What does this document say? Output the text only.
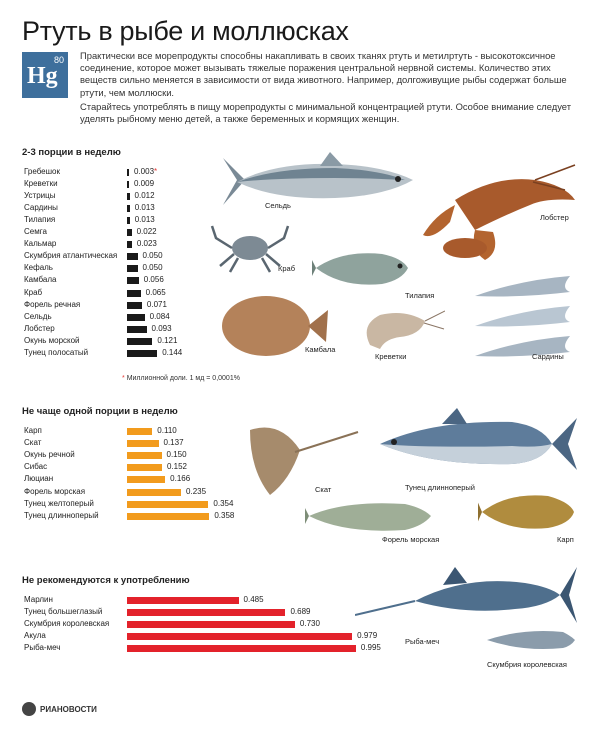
Ртуть в рыбе и моллюсках
80
Hg

Практически все морепродукты способны накапливать в своих тканях ртуть и метилртуть - высокотоксичное соединение, которое может вызывать тяжелые поражения центральной нервной системы. Количество этих веществ сильно меняется в зависимости от вида животного. Например, долгоживущие рыбы содержат больше ртути, чем моллюски.

Старайтесь употреблять в пищу морепродукты с минимальной концентрацией ртути. Особое внимание следует уделять рыбному меню детей, а также беременных и кормящих женщин.

2-3 порции в неделю
Не чаще одной порции в неделю
Не рекомендуются к употреблению
Гребешок	0.003*
Креветки	0.009
Устрицы	0.012
Сардины	0.013
Тилапия	0.013
Семга	0.022
Кальмар	0.023
Скумбрия атлантическая	0.050
Кефаль	0.050
Камбала	0.056
Краб	0.065
Форель речная	0.071
Сельдь	0.084
Лобстер	0.093
Окунь морской	0.121
Тунец полосатый	0.144
Карп	0.110
Скат	0.137
Окунь речной	0.150
Сибас	0.152
Люциан	0.166
Форель морская	0.235
Тунец желтоперый	0.354
Тунец длинноперый	0.358
Марлин	0.485
Тунец большеглазый	0.689
Скумбрия королевская	0.730
Акула	0.979
Рыба-меч	0.995
* Миллионной доли. 1 мд = 0,0001%
Сельдь
Лобстер
Краб
Тилапия
Сардины
Камбала
Креветки
Скат	Тунец длинноперый
Форель морская	Карп
Рыба-меч
Скумбрия королевская
РИАНОВОСТИ
